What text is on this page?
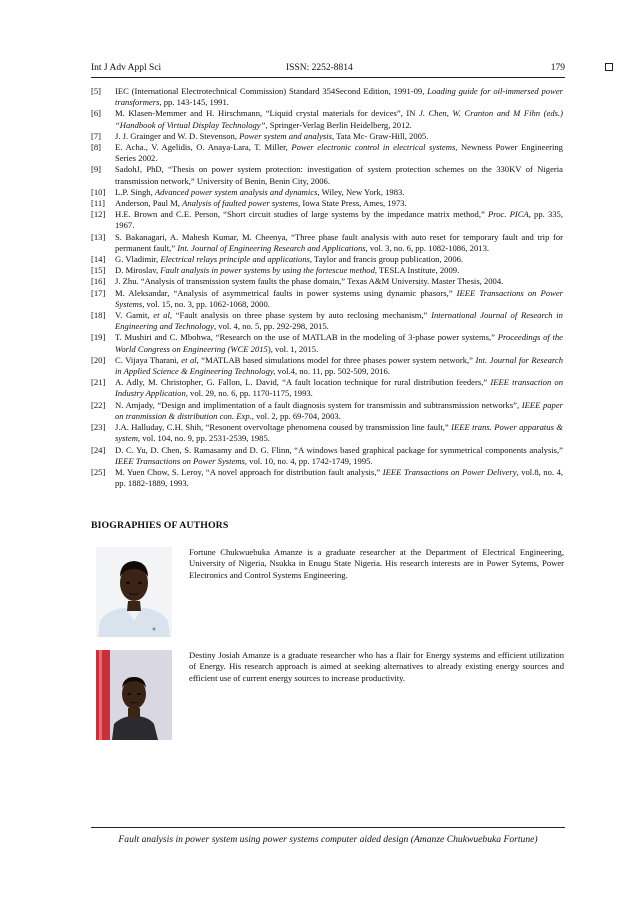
Int J Adv Appl Sci	ISSN: 2252-8814	179
[5] IEC (International Electrotechnical Commission) Standard 354Second Edition, 1991-09, Loading guide for oil-immersed power transformers, pp. 143-145, 1991.
[6] M. Klasen-Memmer and H. Hirschmann, “Liquid crystal materials for devices”, IN J. Chen, W. Cranton and M Fihn (eds.) “Handbook of Virtual Display Technology”, Springer-Verlag Berlin Heidelberg, 2012.
[7] J. J. Grainger and W. D. Stevenson, Power system and analysis, Tata Mc- Graw-Hill, 2005.
[8] E. Acha., V. Agelidis, O. Anaya-Lara, T. Miller, Power electronic control in electrical systems, Newness Power Engineering Series 2002.
[9] SadohJ, PhD, “Thesis on power system protection: investigation of system protection schemes on the 330KV of Nigeria transmission network,” University of Benin, Benin City, 2006.
[10] L.P. Singh, Advanced power system analysis and dynamics, Wiley, New York, 1983.
[11] Anderson, Paul M, Analysis of faulted power systems, Iowa State Press, Ames, 1973.
[12] H.E. Brown and C.E. Person, “Short circuit studies of large systems by the impedance matrix method,” Proc. PICA, pp. 335, 1967.
[13] S. Bakanagari, A. Mahesh Kumar, M. Cheenya, “Three phase fault analysis with auto reset for temporary fault and trip for permanent fault,” Int. Journal of Engineering Research and Applications, vol. 3, no. 6, pp. 1082-1086, 2013.
[14] G. Vladimir, Electrical relays principle and applications, Taylor and francis group publication, 2006.
[15] D. Miroslav, Fault analysis in power systems by using the fortescue method, TESLA Institute, 2009.
[16] J. Zhu. “Analysis of transmission system faults the phase domain,” Texas A&M University. Master Thesis, 2004.
[17] M. Aleksandar, “Analysis of asymmetrical faults in power systems using dynamic phasors,” IEEE Transactions on Power Systems, vol. 15, no. 3, pp. 1062-1068, 2000.
[18] V. Gamit, et al, “Fault analysis on three phase system by auto reclosing mechanism,” International Journal of Research in Engineering and Technology, vol. 4, no. 5, pp. 292-298, 2015.
[19] T. Mushiri and C. Mbohwa, “Research on the use of MATLAB in the modeling of 3-phase power systems,” Proceedings of the World Congress on Engineering (WCE 2015), vol. 1, 2015.
[20] C. Vijaya Tharani, et al, “MATLAB based simulations model for three phases power system network,” Int. Journal for Research in Applied Science & Engineering Technology, vol.4, no. 11, pp. 502-509, 2016.
[21] A. Adly, M. Christopher, G. Fallon, L. David, “A fault location technique for rural distribution feeders,” IEEE transaction on Industry Application, vol. 29, no. 6, pp. 1170-1175, 1993.
[22] N. Amjady, “Design and implimentation of a fault diagnosis system for transmissin and subtransmission networks”, IEEE paper on tranmission & distribution con. Exp., vol. 2, pp. 69-704, 2003.
[23] J.A. Halluday, C.H. Shih, “Resonent overvoltage phenomena coused by transmission line fault,” IEEE trans. Power apparatus & system, vol. 104, no. 9, pp. 2531-2539, 1985.
[24] D. C. Yu, D. Chen, S. Ramasamy and D. G. Flinn, “A windows based graphical package for symmetrical components analysis,” IEEE Transactions on Power Systems, vol. 10, no. 4, pp. 1742-1749, 1995.
[25] M. Yuen Chow, S. Leroy, “A novel approach for distribution fault analysis,” IEEE Transactions on Power Delivery, vol.8, no. 4, pp. 1882-1889, 1993.
BIOGRAPHIES OF AUTHORS
Fortune Chukwuebuka Amanze is a graduate researcher at the Department of Electrical Engineering, University of Nigeria, Nsukka in Enugu State Nigeria. His research interests are in Power Sytems, Power Electronics and Control Systems Engineering.
Destiny Josiah Amanze is a graduate researcher who has a flair for Energy systems and efficient utilization of Energy. His research approach is aimed at seeking alternatives to already existing energy sources and efficient use of current energy sources to increase productivity.
Fault analysis in power system using power systems computer aided design (Amanze Chukwuebuka Fortune)
